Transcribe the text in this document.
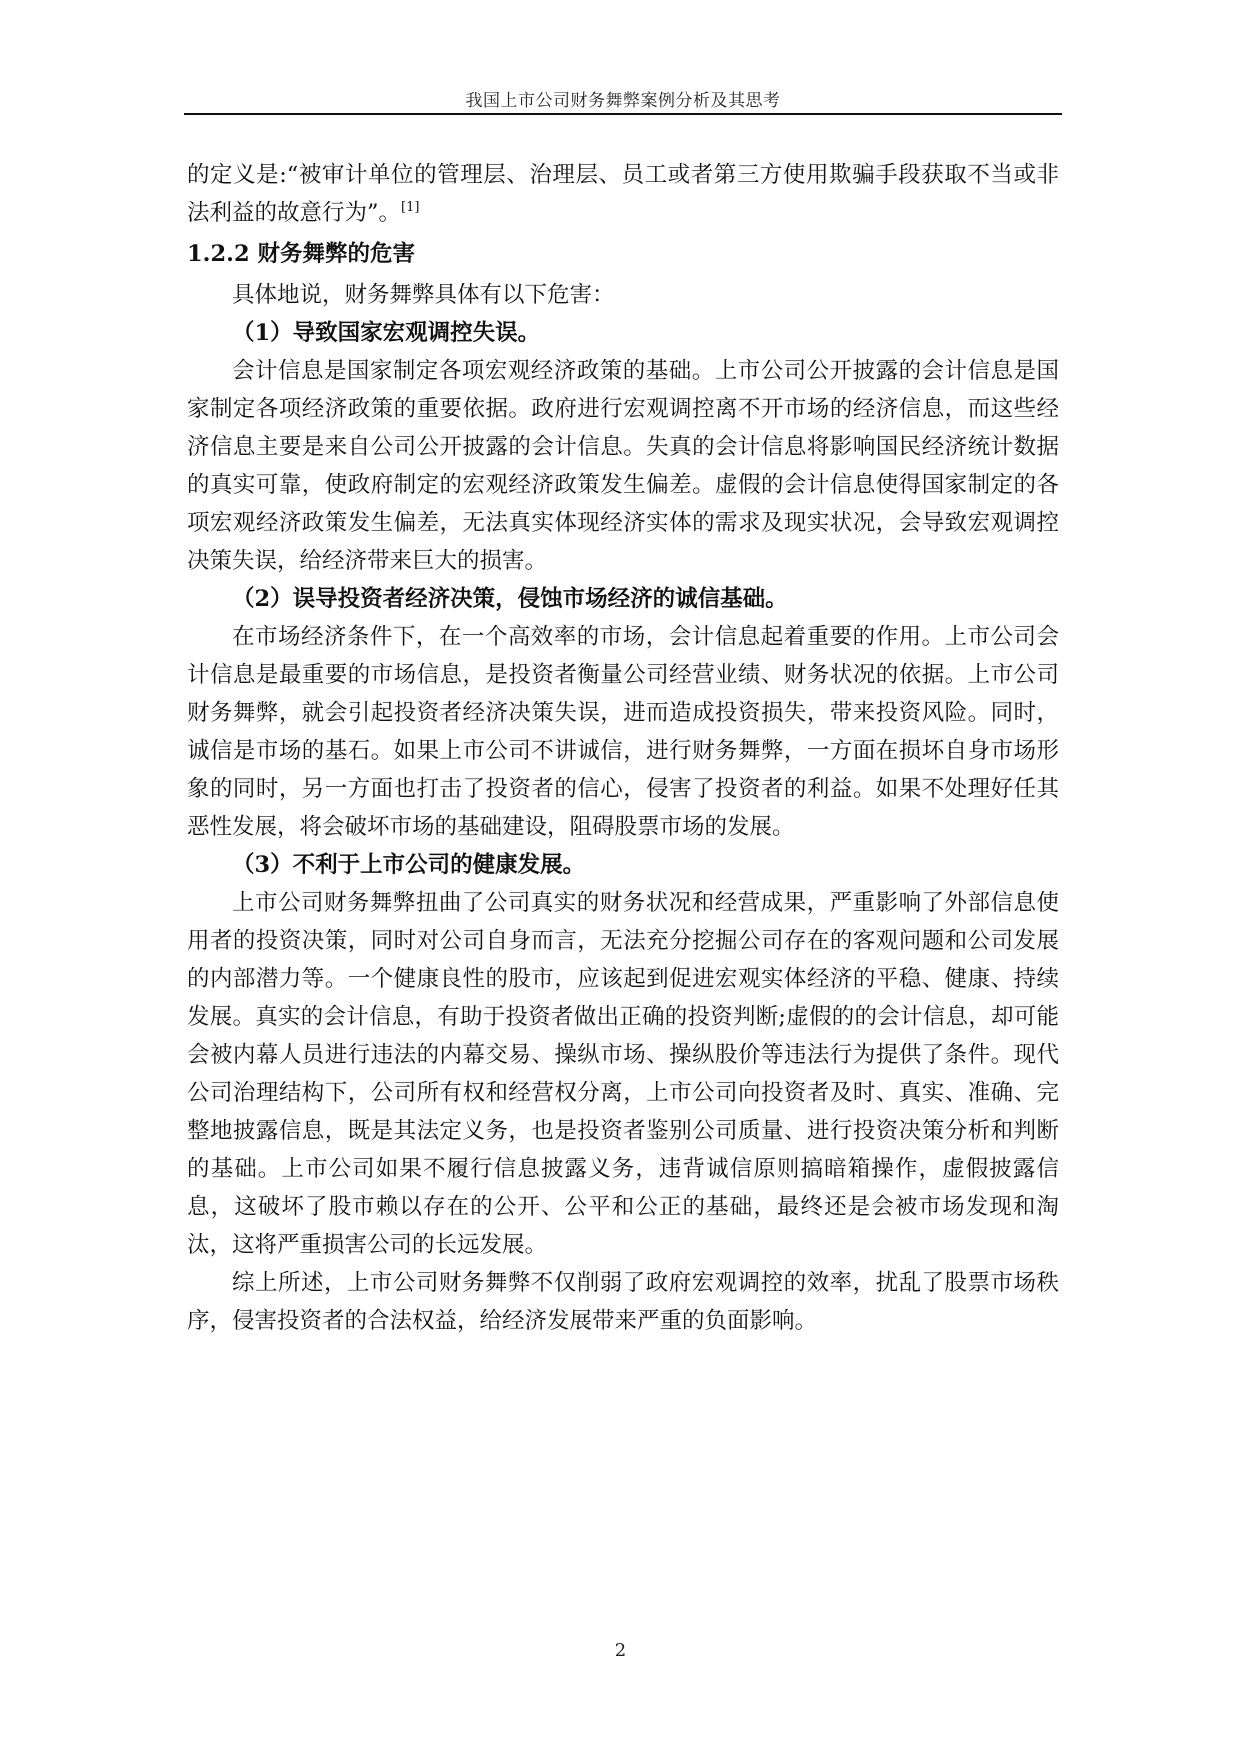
我国上市公司财务舞弊案例分析及其思考

的定义是:“被审计单位的管理层、治理层、员工或者第三方使用欺骗手段获取不当或非法利益的故意行为”。[1]

1.2.2 财务舞弊的危害

具体地说，财务舞弊具体有以下危害：

（1）导致国家宏观调控失误。

会计信息是国家制定各项宏观经济政策的基础。上市公司公开披露的会计信息是国家制定各项经济政策的重要依据。政府进行宏观调控离不开市场的经济信息，而这些经济信息主要是来自公司公开披露的会计信息。失真的会计信息将影响国民经济统计数据的真实可靠，使政府制定的宏观经济政策发生偏差。虚假的会计信息使得国家制定的各项宏观经济政策发生偏差，无法真实体现经济实体的需求及现实状况，会导致宏观调控决策失误，给经济带来巨大的损害。

（2）误导投资者经济决策，侵蚀市场经济的诚信基础。

在市场经济条件下，在一个高效率的市场，会计信息起着重要的作用。上市公司会计信息是最重要的市场信息，是投资者衡量公司经营业绩、财务状况的依据。上市公司财务舞弊，就会引起投资者经济决策失误，进而造成投资损失，带来投资风险。同时，诚信是市场的基石。如果上市公司不讲诚信，进行财务舞弊，一方面在损坏自身市场形象的同时，另一方面也打击了投资者的信心，侵害了投资者的利益。如果不处理好任其恶性发展，将会破坏市场的基础建设，阻碍股票市场的发展。

（3）不利于上市公司的健康发展。

上市公司财务舞弊扭曲了公司真实的财务状况和经营成果，严重影响了外部信息使用者的投资决策，同时对公司自身而言，无法充分挖掘公司存在的客观问题和公司发展的内部潜力等。一个健康良性的股市，应该起到促进宏观实体经济的平稳、健康、持续发展。真实的会计信息，有助于投资者做出正确的投资判断;虚假的的会计信息，却可能会被内幕人员进行违法的内幕交易、操纵市场、操纵股价等违法行为提供了条件。现代公司治理结构下，公司所有权和经营权分离，上市公司向投资者及时、真实、准确、完整地披露信息，既是其法定义务，也是投资者鉴别公司质量、进行投资决策分析和判断的基础。上市公司如果不履行信息披露义务，违背诚信原则搞暗箱操作，虚假披露信息，这破坏了股市赖以存在的公开、公平和公正的基础，最终还是会被市场发现和淘汰，这将严重损害公司的长远发展。

综上所述，上市公司财务舞弊不仅削弱了政府宏观调控的效率，扰乱了股票市场秩序，侵害投资者的合法权益，给经济发展带来严重的负面影响。

2
